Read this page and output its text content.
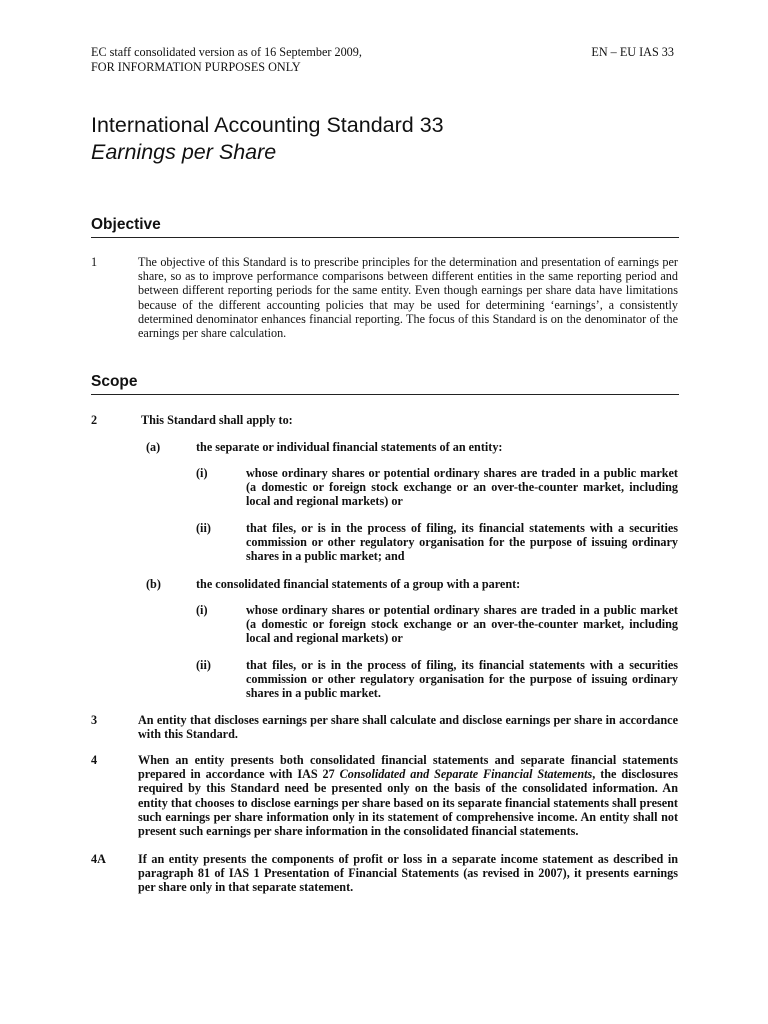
EC staff consolidated version as of 16 September 2009,
FOR INFORMATION PURPOSES ONLY
EN – EU IAS 33
International Accounting Standard 33
Earnings per Share
Objective
1	The objective of this Standard is to prescribe principles for the determination and presentation of earnings per share, so as to improve performance comparisons between different entities in the same reporting period and between different reporting periods for the same entity. Even though earnings per share data have limitations because of the different accounting policies that may be used for determining ‘earnings’, a consistently determined denominator enhances financial reporting. The focus of this Standard is on the denominator of the earnings per share calculation.
Scope
2	This Standard shall apply to:
(a)	the separate or individual financial statements of an entity:
(i)	whose ordinary shares or potential ordinary shares are traded in a public market (a domestic or foreign stock exchange or an over-the-counter market, including local and regional markets) or
(ii)	that files, or is in the process of filing, its financial statements with a securities commission or other regulatory organisation for the purpose of issuing ordinary shares in a public market; and
(b)	the consolidated financial statements of a group with a parent:
(i)	whose ordinary shares or potential ordinary shares are traded in a public market (a domestic or foreign stock exchange or an over-the-counter market, including local and regional markets) or
(ii)	that files, or is in the process of filing, its financial statements with a securities commission or other regulatory organisation for the purpose of issuing ordinary shares in a public market.
3	An entity that discloses earnings per share shall calculate and disclose earnings per share in accordance with this Standard.
4	When an entity presents both consolidated financial statements and separate financial statements prepared in accordance with IAS 27 Consolidated and Separate Financial Statements, the disclosures required by this Standard need be presented only on the basis of the consolidated information. An entity that chooses to disclose earnings per share based on its separate financial statements shall present such earnings per share information only in its statement of comprehensive income. An entity shall not present such earnings per share information in the consolidated financial statements.
4A	If an entity presents the components of profit or loss in a separate income statement as described in paragraph 81 of IAS 1 Presentation of Financial Statements (as revised in 2007), it presents earnings per share only in that separate statement.
